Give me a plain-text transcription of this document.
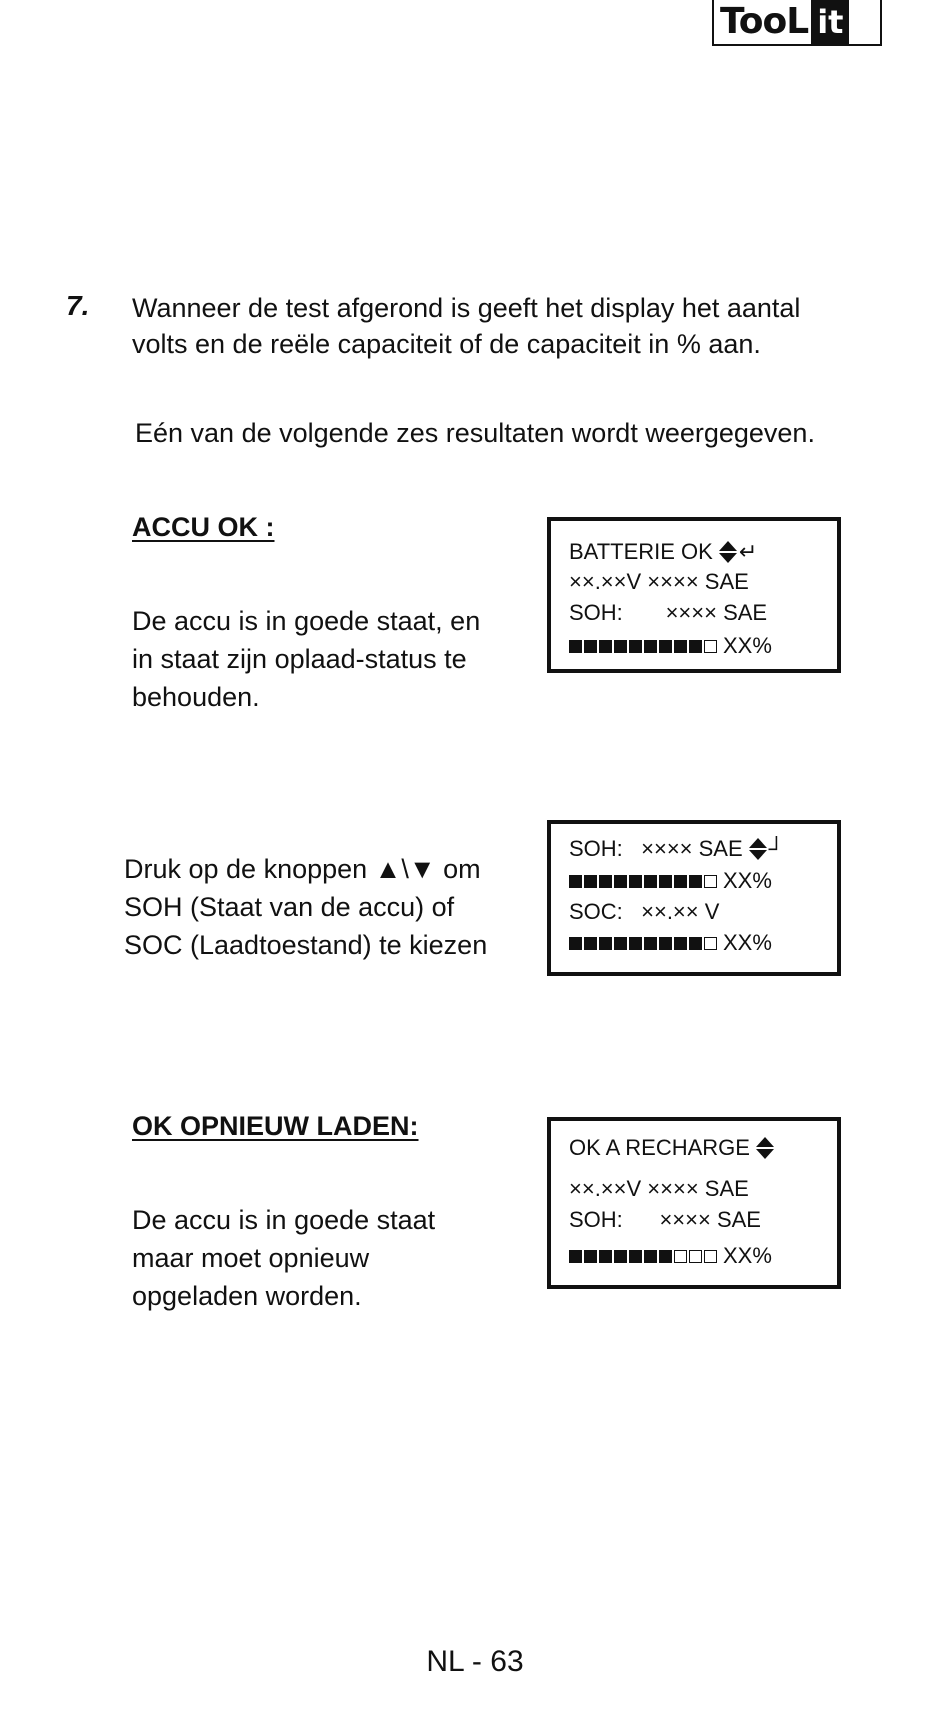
TooL it
7. Wanneer de test afgerond is geeft het display het aantal
volts en de reële capaciteit of de capaciteit in % aan.
Eén van de volgende zes resultaten wordt weergegeven.
ACCU OK :
De accu is in goede staat, en
in staat zijn oplaad-status te
behouden.
BATTERIE OK ↵
××.××V ×××× SAE
SOH:       ×××× SAE
XX%
Druk op de knoppen ▲\▼ om
SOH (Staat van de accu) of
SOC (Laadtoestand) te kiezen
SOH:   ×××× SAE ┘
XX%
SOC:   ××.×× V
XX%
OK OPNIEUW LADEN:
De accu is in goede staat
maar moet opnieuw
opgeladen worden.
OK A RECHARGE
××.××V ×××× SAE
SOH:      ×××× SAE
XX%
NL - 63
